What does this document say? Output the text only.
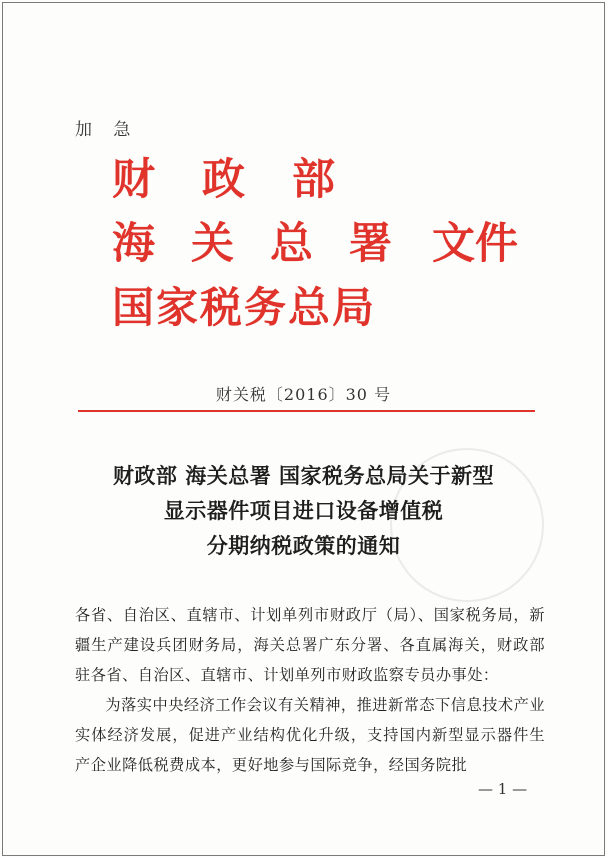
加 急
财 政 部
海 关 总 署 文件
国家税务总局
财关税〔2016〕30 号
财政部 海关总署 国家税务总局关于新型
显示器件项目进口设备增值税
分期纳税政策的通知

各省、自治区、直辖市、计划单列市财政厅（局）、国家税务局，新疆生产建设兵团财务局，海关总署广东分署、各直属海关，财政部驻各省、自治区、直辖市、计划单列市财政监察专员办事处：

为落实中央经济工作会议有关精神，推进新常态下信息技术产业实体经济发展，促进产业结构优化升级，支持国内新型显示器件生产企业降低税费成本，更好地参与国际竞争，经国务院批

— 1 —
